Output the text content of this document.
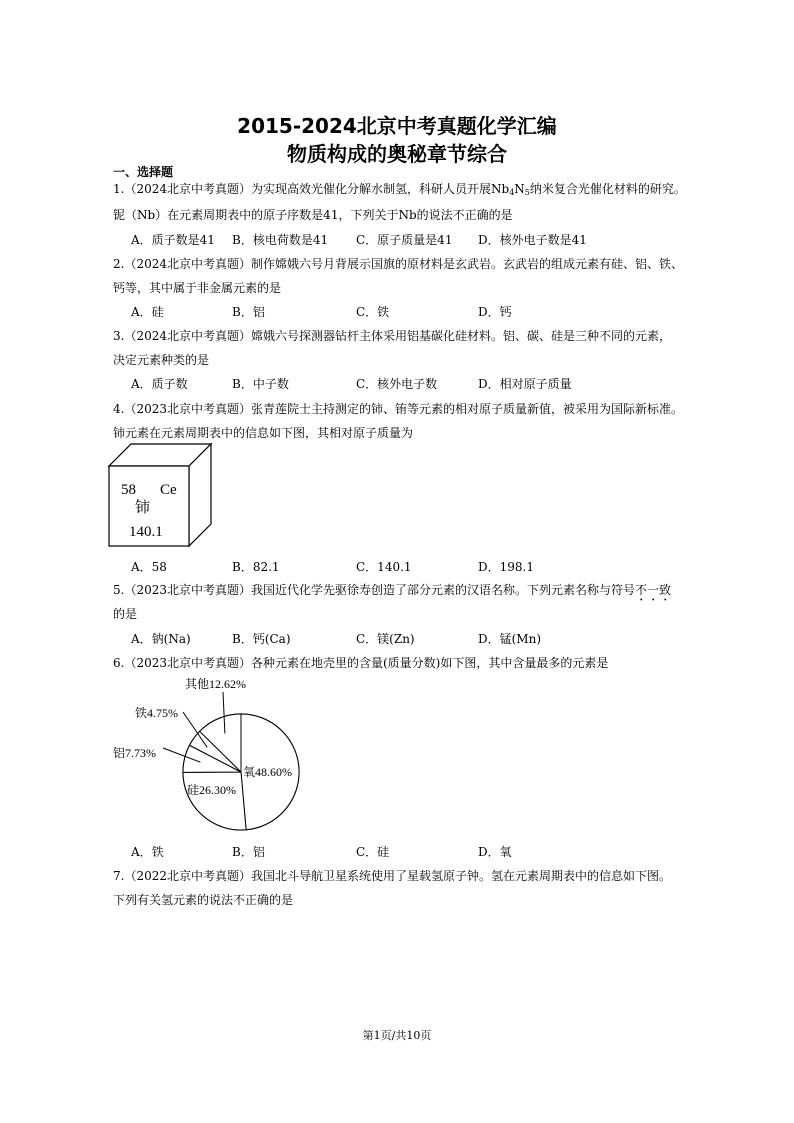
2015-2024北京中考真题化学汇编
物质构成的奥秘章节综合
一、选择题
1.（2024北京中考真题）为实现高效光催化分解水制氢，科研人员开展$Nb_4N_5$纳米复合光催化材料的研究。
铌（Nb）在元素周期表中的原子序数是41，下列关于Nb的说法不正确的是
A．质子数是41 B．核电荷数是41 C．原子质量是41 D．核外电子数是41
2.（2024北京中考真题）制作嫦娥六号月背展示国旗的原材料是玄武岩。玄武岩的组成元素有硅、铝、铁、
钙等，其中属于非金属元素的是
A．硅	B．铝	C．铁	D．钙
3.（2024北京中考真题）嫦娥六号探测器钻杆主体采用铝基碳化硅材料。铝、碳、硅是三种不同的元素，
决定元素种类的是
A．质子数	B．中子数	C．核外电子数	D．相对原子质量
4.（2023北京中考真题）张青莲院士主持测定的铈、铕等元素的相对原子质量新值，被采用为国际新标准。
铈元素在元素周期表中的信息如下图，其相对原子质量为
58 Ce
铈
140.1
A．58	B．82.1	C．140.1	D．198.1
5.（2023北京中考真题）我国近代化学先驱徐寿创造了部分元素的汉语名称。下列元素名称与符号不一致
的是
A．钠(Na)	B．钙(Ca)	C．镁(Zn)	D．锰(Mn)
6.（2023北京中考真题）各种元素在地壳里的含量(质量分数)如下图，其中含量最多的元素是
氧48.60%
硅26.30%
铝7.73%
铁4.75%
其他12.62%
A．铁	B．铝	C．硅	D．氧
7.（2022北京中考真题）我国北斗导航卫星系统使用了星载氢原子钟。氢在元素周期表中的信息如下图。
下列有关氢元素的说法不正确的是
第1页/共10页
